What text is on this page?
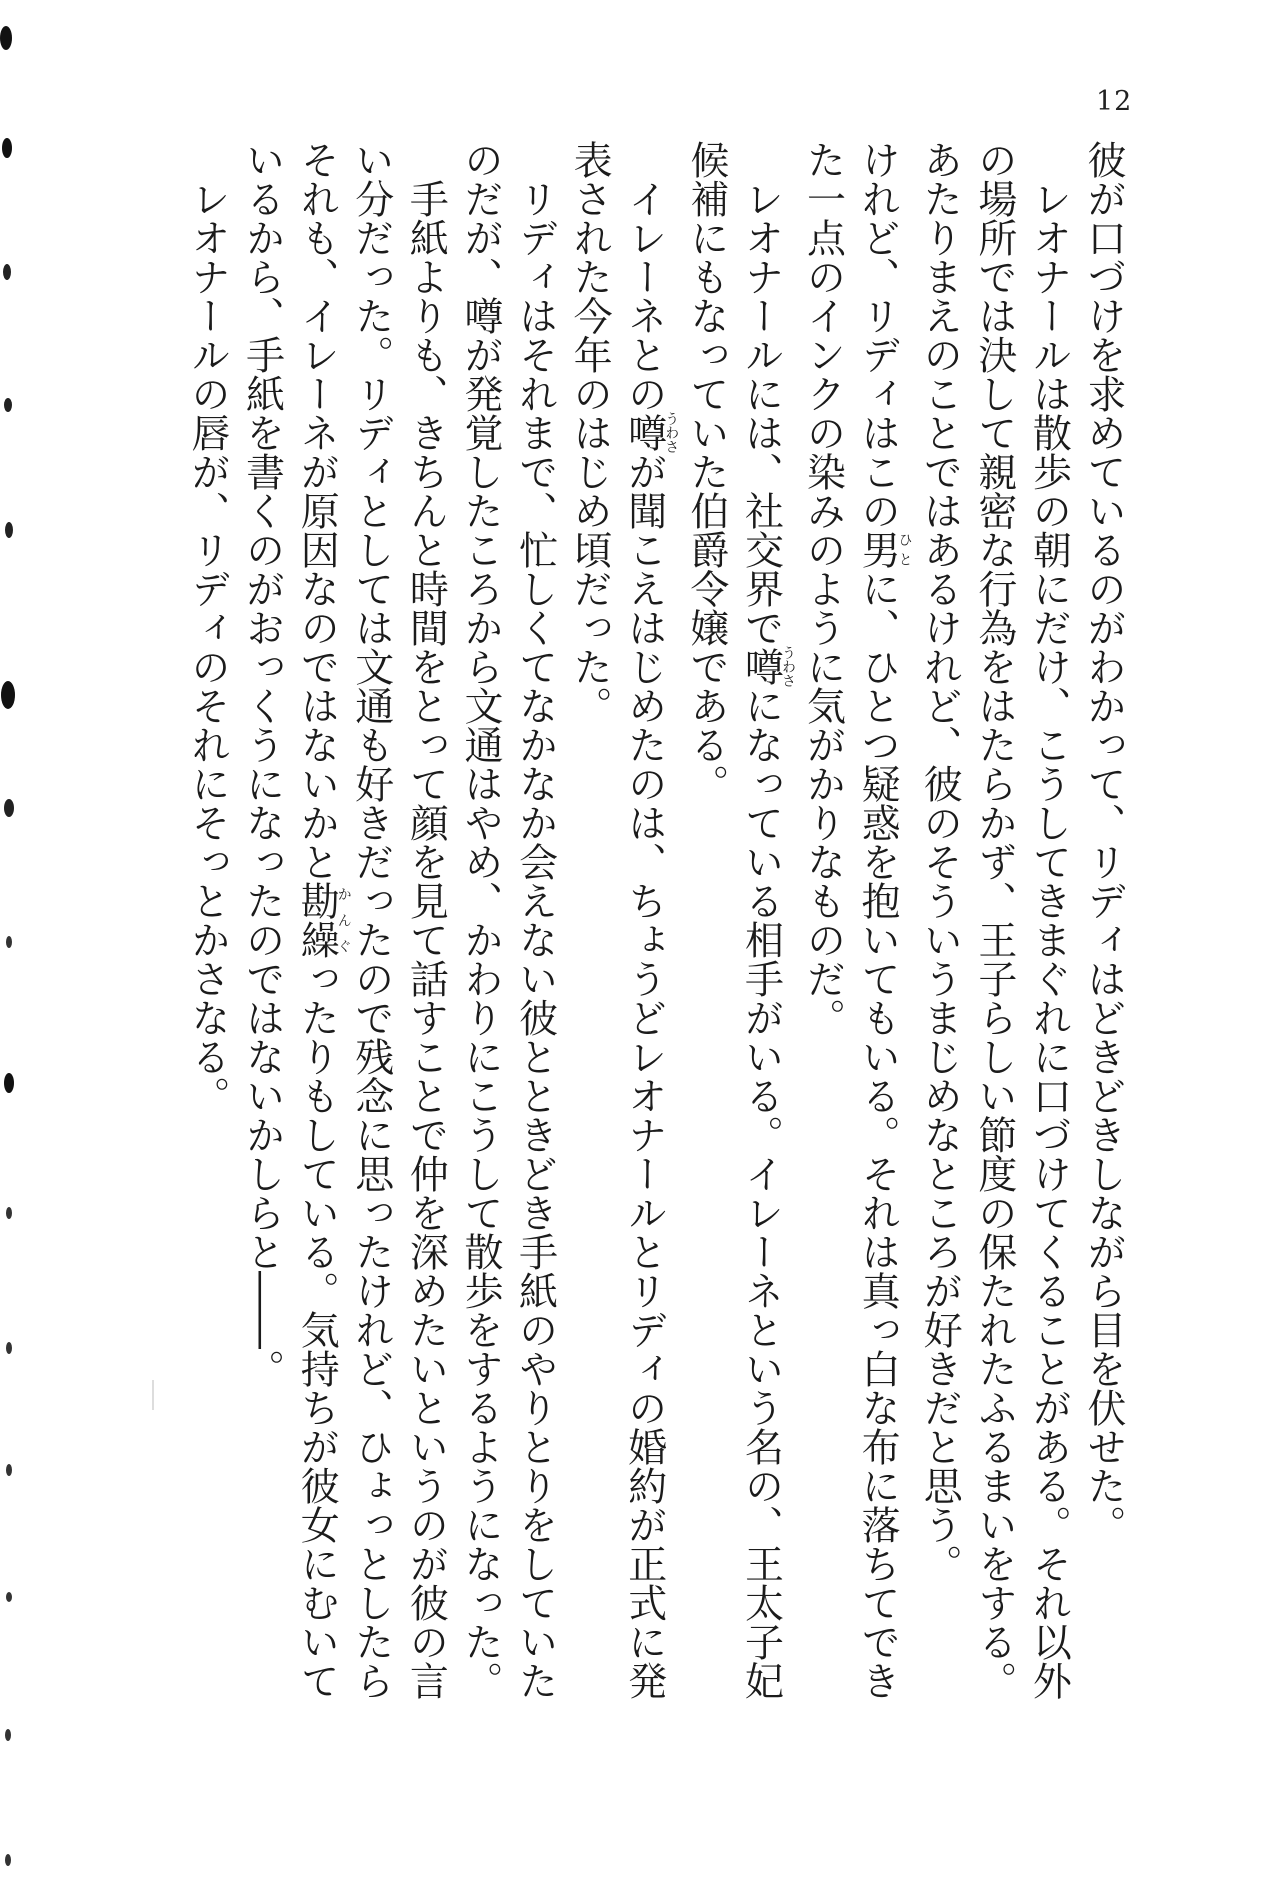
12

彼が口づけを求めているのがわかって、リディはどきどきしながら目を伏せた。

レオナールは散歩の朝にだけ、こうしてきまぐれに口づけてくることがある。それ以外の場所では決して親密な行為をはたらかず、王子らしい節度の保たれたふるまいをする。あたりまえのことではあるけれど、彼のそういうまじめなところが好きだと思う。

けれど、リディはこの男ひとに、ひとつ疑惑を抱いてもいる。それは真っ白な布に落ちてできた一点のインクの染みのように気がかりなものだ。

レオナールには、社交界で噂うわさになっている相手がいる。イレーネという名の、王太子妃候補にもなっていた伯爵令嬢である。

イレーネとの噂うわさが聞こえはじめたのは、ちょうどレオナールとリディの婚約が正式に発表された今年のはじめ頃だった。

リディはそれまで、忙しくてなかなか会えない彼とときどき手紙のやりとりをしていたのだが、噂が発覚したころから文通はやめ、かわりにこうして散歩をするようになった。

手紙よりも、きちんと時間をとって顔を見て話すことで仲を深めたいというのが彼の言い分だった。リディとしては文通も好きだったので残念に思ったけれど、ひょっとしたらそれも、イレーネが原因なのではないかと勘繰かんぐったりもしている。気持ちが彼女にむいているから、手紙を書くのがおっくうになったのではないかしらと――。

レオナールの唇が、リディのそれにそっとかさなる。
